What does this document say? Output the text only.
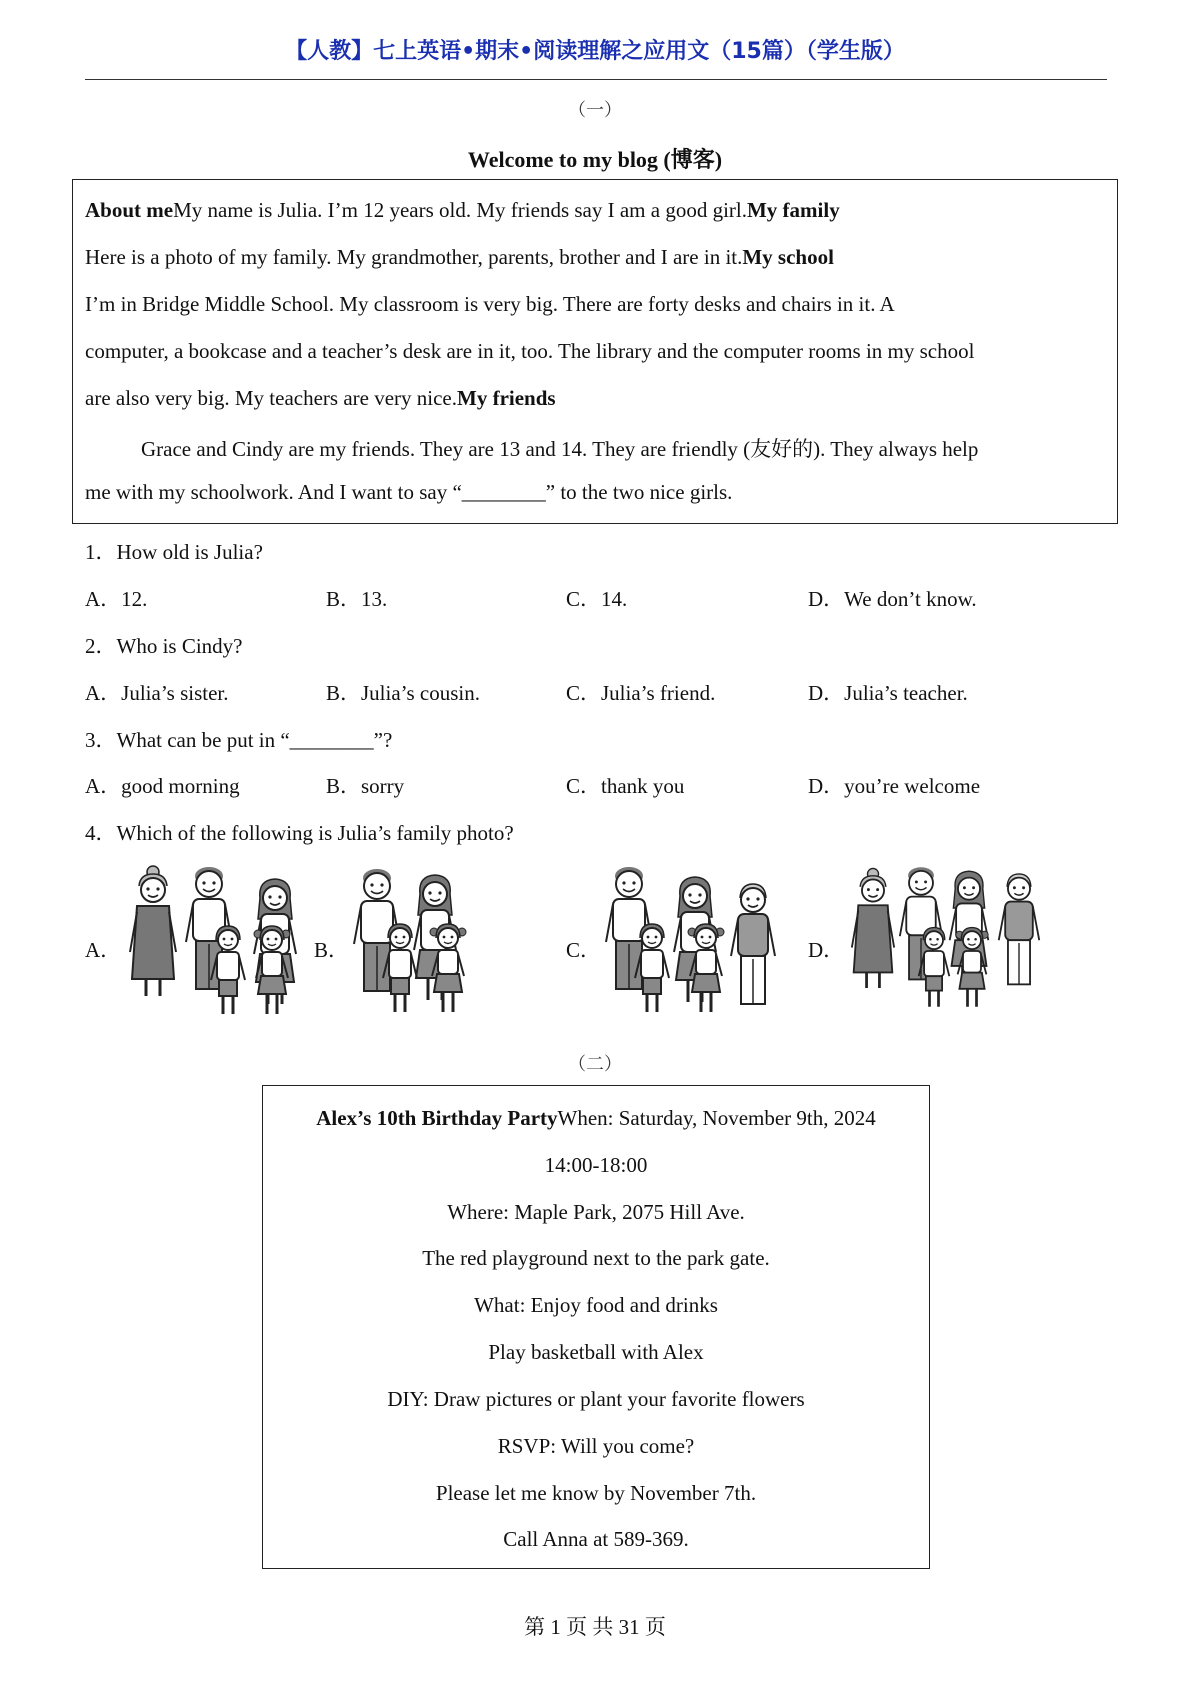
【人教】七上英语•期末•阅读理解之应用文（15篇）（学生版）
（一）
Welcome to my blog (博客)
About meMy name is Julia. I’m 12 years old. My friends say I am a good girl.My family
Here is a photo of my family. My grandmother, parents, brother and I are in it.My school
I’m in Bridge Middle School. My classroom is very big. There are forty desks and chairs in it. A
computer, a bookcase and a teacher’s desk are in it, too. The library and the computer rooms in my school
are also very big. My teachers are very nice.My friends
Grace and Cindy are my friends. They are 13 and 14. They are friendly (友好的). They always help
me with my schoolwork. And I want to say “________” to the two nice girls.
1．How old is Julia?
A．12.	B．13.	C．14.	D．We don’t know.
2．Who is Cindy?
A．Julia’s sister.	B．Julia’s cousin.	C．Julia’s friend.	D．Julia’s teacher.
3．What can be put in “________”?
A．good morning	B．sorry	C．thank you	D．you’re welcome
4．Which of the following is Julia’s family photo?
A．	B．	C．	D．
（二）
Alex’s 10th Birthday PartyWhen: Saturday, November 9th, 2024
14:00-18:00
Where: Maple Park, 2075 Hill Ave.
The red playground next to the park gate.
What: Enjoy food and drinks
Play basketball with Alex
DIY: Draw pictures or plant your favorite flowers
RSVP: Will you come?
Please let me know by November 7th.
Call Anna at 589-369.
第 1 页 共 31 页
